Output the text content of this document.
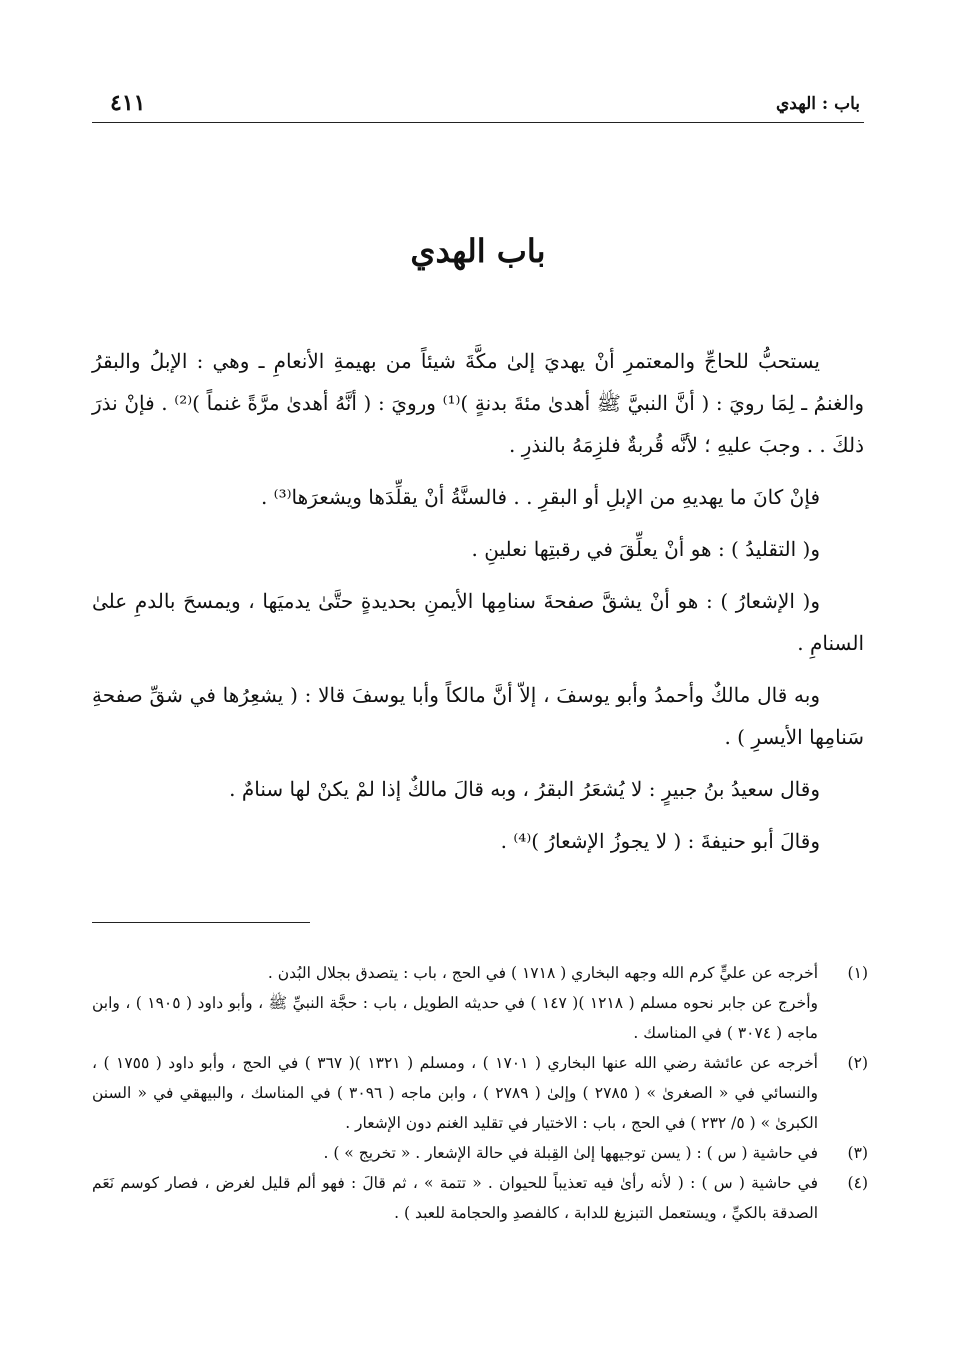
باب : الهدي
٤١١
باب الهدي

يستحبُّ للحاجِّ والمعتمرِ أنْ يهديَ إلىٰ مكَّةَ شيئاً من بهيمةِ الأنعامِ ـ وهي : الإبلُ والبقرُ والغنمُ ـ لِمَا رويَ : ( أنَّ النبيَّ ﷺ أهدىٰ مئةَ بدنةٍ )⁽¹⁾ ورويَ : ( أنَّهُ أهدىٰ مرَّةً غنماً )⁽²⁾ . فإنْ نذرَ ذلكَ . . وجبَ عليهِ ؛ لأنَّه قُربةٌ فلزِمَهُ بالنذرِ .

فإنْ كانَ ما يهديهِ من الإبلِ أو البقرِ . . فالسنَّةُ أنْ يقلِّدَها ويشعرَها⁽³⁾ .

و( التقليدُ ) : هو أنْ يعلِّقَ في رقبتِها نعلينِ .

و( الإشعارُ ) : هو أنْ يشقَّ صفحةَ سنامِها الأيمنِ بحديدةٍ حتَّىٰ يدميَها ، ويمسحَ بالدمِ علىٰ السنامِ .

وبه قال مالكٌ وأحمدُ وأبو يوسفَ ، إلاّ أنَّ مالكاً وأبا يوسفَ قالا : ( يشعِرُها في شقِّ صفحةِ سَنامِها الأيسرِ ) .

وقال سعيدُ بنُ جبيرٍ : لا يُشعَرُ البقرُ ، وبه قالَ مالكٌ إذا لمْ يكنْ لها سنامٌ .

وقالَ أبو حنيفةَ : ( لا يجوزُ الإشعارُ )⁽⁴⁾ .

(١)

أخرجه عن عليٍّ كرم الله وجهه البخاري ( ١٧١٨ ) في الحج ، باب : يتصدق بجلال البُدن .

وأخرج عن جابر نحوه مسلم ( ١٢١٨ )( ١٤٧ ) في حديثه الطويل ، باب : حجَّة النبيِّ ﷺ ، وأبو داود ( ١٩٠٥ ) ، وابن ماجه ( ٣٠٧٤ ) في المناسك .

(٢)

أخرجه عن عائشة رضي الله عنها البخاري ( ١٧٠١ ) ، ومسلم ( ١٣٢١ )( ٣٦٧ ) في الحج ، وأبو داود ( ١٧٥٥ ) ، والنسائي في « الصغرىٰ » ( ٢٧٨٥ ) وإلىٰ ( ٢٧٨٩ ) ، وابن ماجه ( ٣٠٩٦ ) في المناسك ، والبيهقي في « السنن الكبرىٰ » ( ٥/ ٢٣٢ ) في الحج ، باب : الاختيار في تقليد الغنم دون الإشعار .

(٣)

في حاشية ( س ) : ( يسن توجيهها إلىٰ القِبلة في حالة الإشعار . « تخريج » ) .

(٤)

في حاشية ( س ) : ( لأنه رأىٰ فيه تعذيباً للحيوان . « تتمة » ، ثم قالَ : فهو ألم قليل لغرض ، فصار كوسم نَعَم الصدقة بالكيِّ ، ويستعمل التبزيغ للدابة ، كالفصدِ والحجامة للعبد ) .
